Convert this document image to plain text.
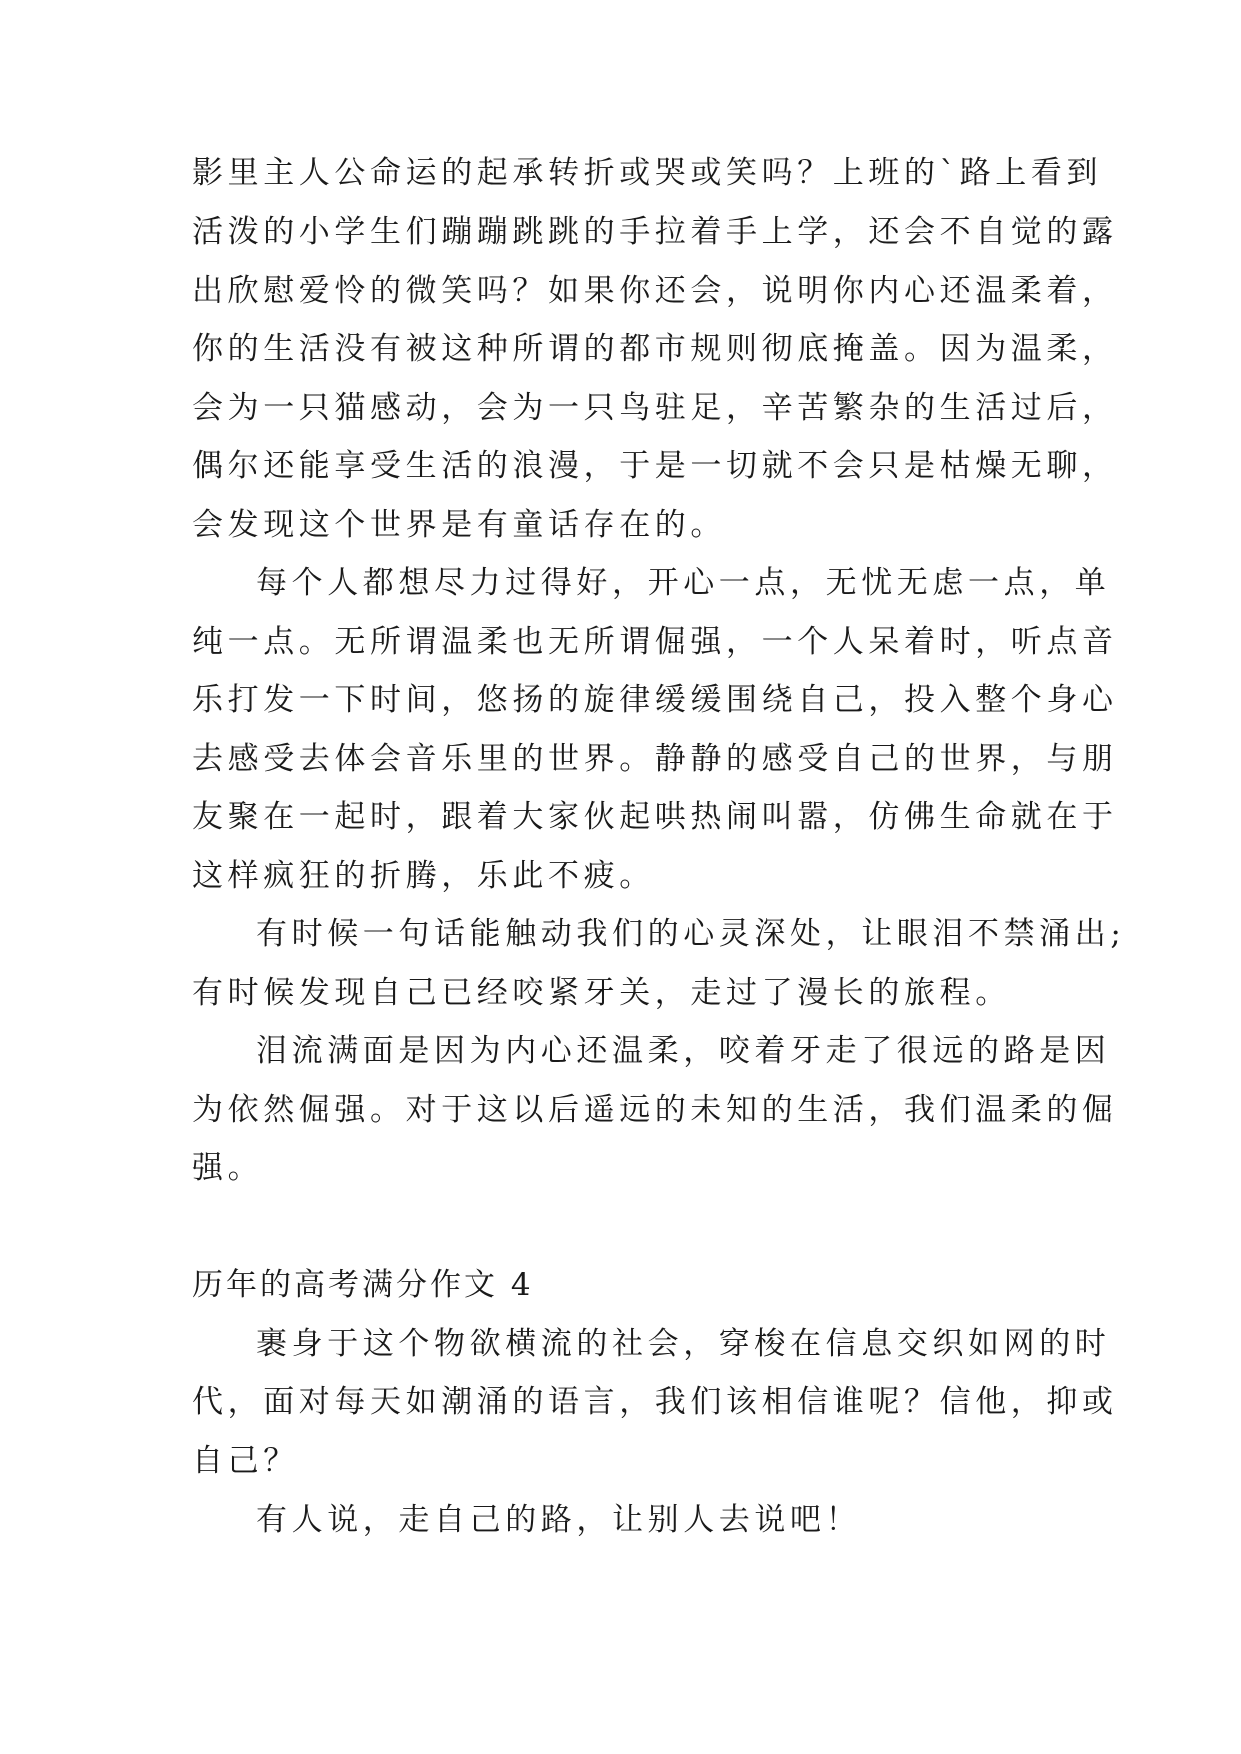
影里主人公命运的起承转折或哭或笑吗？上班的`路上看到
活泼的小学生们蹦蹦跳跳的手拉着手上学，还会不自觉的露
出欣慰爱怜的微笑吗？如果你还会，说明你内心还温柔着，
你的生活没有被这种所谓的都市规则彻底掩盖。因为温柔，
会为一只猫感动，会为一只鸟驻足，辛苦繁杂的生活过后，
偶尔还能享受生活的浪漫，于是一切就不会只是枯燥无聊，
会发现这个世界是有童话存在的。
每个人都想尽力过得好，开心一点，无忧无虑一点，单
纯一点。无所谓温柔也无所谓倔强，一个人呆着时，听点音
乐打发一下时间，悠扬的旋律缓缓围绕自己，投入整个身心
去感受去体会音乐里的世界。静静的感受自己的世界，与朋
友聚在一起时，跟着大家伙起哄热闹叫嚣，仿佛生命就在于
这样疯狂的折腾，乐此不疲。
有时候一句话能触动我们的心灵深处，让眼泪不禁涌出;
有时候发现自己已经咬紧牙关，走过了漫长的旅程。
泪流满面是因为内心还温柔，咬着牙走了很远的路是因
为依然倔强。对于这以后遥远的未知的生活，我们温柔的倔
强。
历年的高考满分作文 4
裹身于这个物欲横流的社会，穿梭在信息交织如网的时
代，面对每天如潮涌的语言，我们该相信谁呢？信他，抑或
自己？
有人说，走自己的路，让别人去说吧！
